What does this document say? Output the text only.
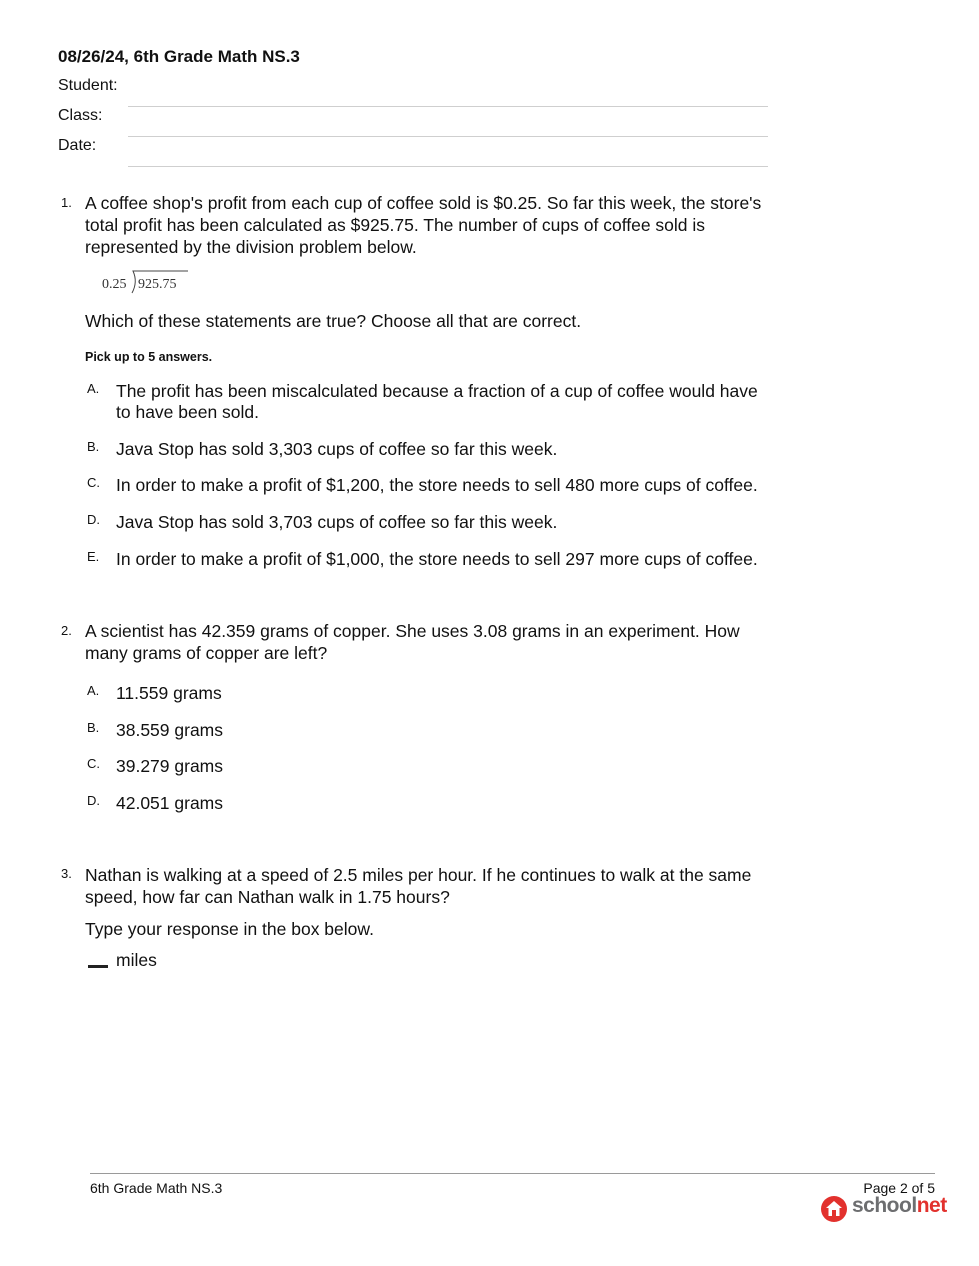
08/26/24, 6th Grade Math NS.3
Student:
Class:
Date:
1. A coffee shop's profit from each cup of coffee sold is $0.25. So far this week, the store's total profit has been calculated as $925.75. The number of cups of coffee sold is represented by the division problem below.
0.25 925.75
Which of these statements are true? Choose all that are correct.
Pick up to 5 answers.
A. The profit has been miscalculated because a fraction of a cup of coffee would have to have been sold.
B. Java Stop has sold 3,303 cups of coffee so far this week.
C. In order to make a profit of $1,200, the store needs to sell 480 more cups of coffee.
D. Java Stop has sold 3,703 cups of coffee so far this week.
E. In order to make a profit of $1,000, the store needs to sell 297 more cups of coffee.
2. A scientist has 42.359 grams of copper. She uses 3.08 grams in an experiment. How many grams of copper are left?
A. 11.559 grams
B. 38.559 grams
C. 39.279 grams
D. 42.051 grams
3. Nathan is walking at a speed of 2.5 miles per hour. If he continues to walk at the same speed, how far can Nathan walk in 1.75 hours?
Type your response in the box below.
miles
6th Grade Math NS.3	Page 2 of 5
schoolnet
